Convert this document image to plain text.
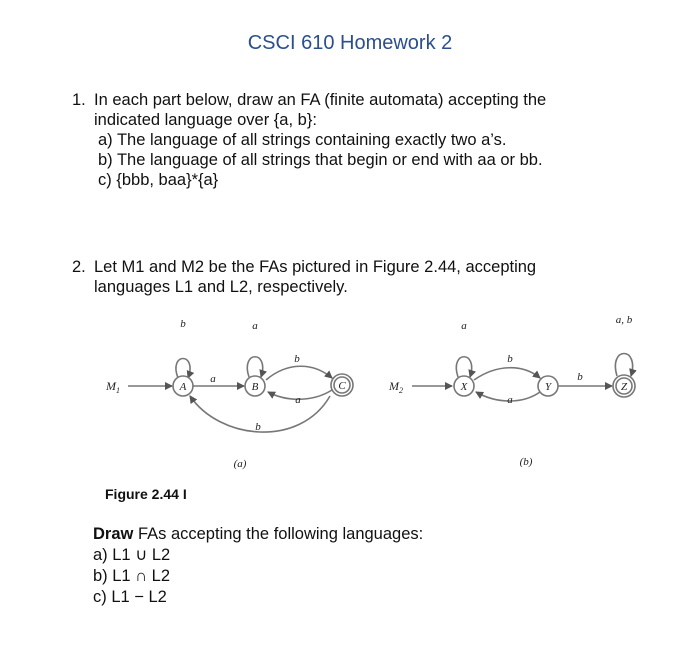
CSCI 610 Homework 2
1. In each part below, draw an FA (finite automata) accepting the
indicated language over {a, b}:
a) The language of all strings containing exactly two a’s.
b) The language of all strings that begin or end with aa or bb.
c) {bbb, baa}*{a}
2. Let M1 and M2 be the FAs pictured in Figure 2.44, accepting
languages L1 and L2, respectively.
$M_1$	A	B	C
b	a
a
b
a
b
(a)
$M_2$	X	Y	Z
a
b
a
b
a, b
(b)
Figure 2.44 I
Draw FAs accepting the following languages:
a) L1 ∪ L2
b) L1 ∩ L2
c) L1 − L2
